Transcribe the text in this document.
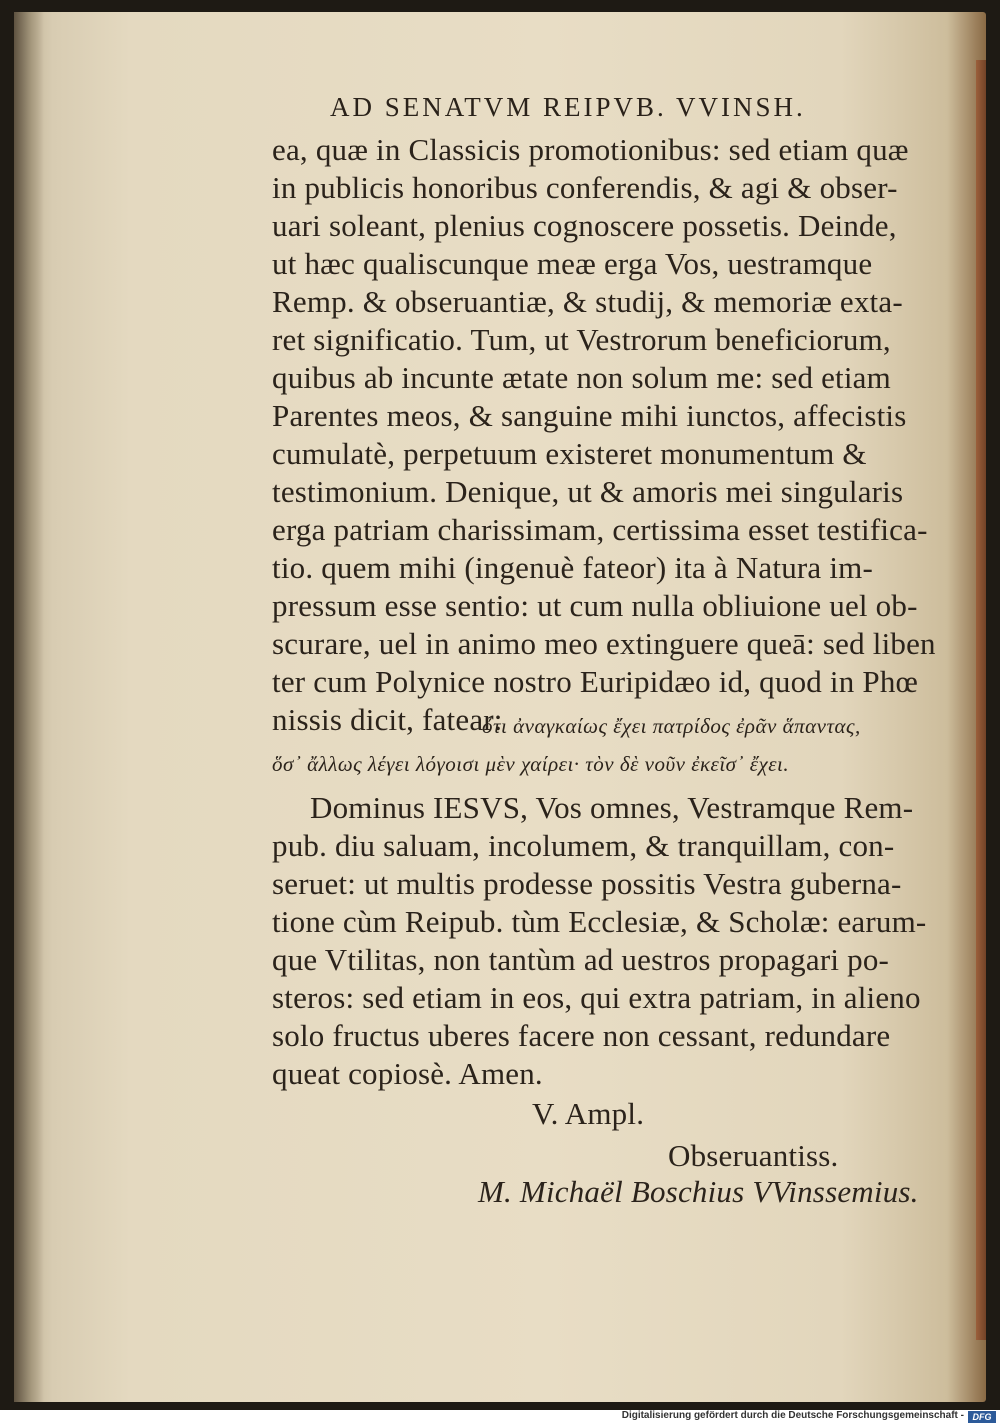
AD SENATVM REIPVB. VVINSH.
ea, quæ in Classicis promotionibus: sed etiam quæ
in publicis honoribus conferendis, & agi & obser-
uari soleant, plenius cognoscere possetis. Deinde,
ut hæc qualiscunque meæ erga Vos, uestramque
Remp. & obseruantiæ, & studij, & memoriæ exta-
ret significatio. Tum, ut Vestrorum beneficiorum,
quibus ab incunte ætate non solum me: sed etiam
Parentes meos, & sanguine mihi iunctos, affecistis
cumulatè, perpetuum existeret monumentum &
testimonium. Denique, ut & amoris mei singularis
erga patriam charissimam, certissima esset testifica-
tio. quem mihi (ingenuè fateor) ita à Natura im-
pressum esse sentio: ut cum nulla obliuione uel ob-
scurare, uel in animo meo extinguere queā: sed liben
ter cum Polynice nostro Euripidæo id, quod in Phœ
nissis dicit, fatear:
ὅτι ἀναγκαίως ἔχει πατρίδος ἐρᾶν ἅπαντας,
ὅσ᾽ ἄλλως λέγει λόγοισι μὲν χαίρει· τὸν δὲ νοῦν ἐκεῖσ᾽ ἔχει.
Dominus IESVS, Vos omnes, Vestramque Rem-
pub. diu saluam, incolumem, & tranquillam, con-
seruet: ut multis prodesse possitis Vestra guberna-
tione cùm Reipub. tùm Ecclesiæ, & Scholæ: earum-
que Vtilitas, non tantùm ad uestros propagari po-
steros: sed etiam in eos, qui extra patriam, in alieno
solo fructus uberes facere non cessant, redundare
queat copiosè. Amen.
V. Ampl.
Obseruantiss.
M. Michaël Boschius VVinssemius.
Digitalisierung gefördert durch die Deutsche Forschungsgemeinschaft - DFG
